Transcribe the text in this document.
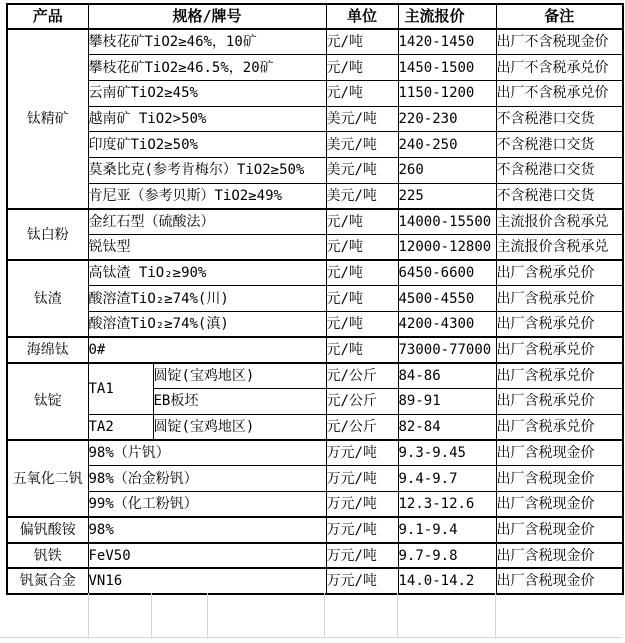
产品	规格/牌号		单位	主流报价	备注
钛精矿	攀枝花矿TiO2≥46%，10矿		元/吨	1420-1450	出厂不含税现金价
	攀枝花矿TiO2≥46.5%，20矿		元/吨	1450-1500	出厂不含税承兑价
	云南矿TiO2≥45%		元/吨	1150-1200	出厂不含税承兑价
	越南矿 TiO2>50%		美元/吨	220-230	不含税港口交货
	印度矿TiO2≥50%		美元/吨	240-250	不含税港口交货
	莫桑比克(参考肯梅尔）TiO2≥50%		美元/吨	260	不含税港口交货
	肯尼亚（参考贝斯）TiO2≥49%		美元/吨	225	不含税港口交货
钛白粉	金红石型（硫酸法）		元/吨	14000-15500	主流报价含税承兑
	锐钛型		元/吨	12000-12800	主流报价含税承兑
钛渣	高钛渣 TiO₂≥90%		元/吨	6450-6600	出厂含税承兑价
	酸溶渣TiO₂≥74%(川)		元/吨	4500-4550	出厂含税承兑价
	酸溶渣TiO₂≥74%(滇)		元/吨	4200-4300	出厂含税承兑价
海绵钛	0#		元/吨	73000-77000	出厂含税承兑价
钛锭	TA1	圆锭(宝鸡地区)	元/公斤	84-86	出厂含税承兑价
		EB板坯	元/公斤	89-91	出厂含税承兑价
	TA2	圆锭(宝鸡地区)	元/公斤	82-84	出厂含税承兑价
五氧化二钒	98%（片钒）		万元/吨	9.3-9.45	出厂含税现金价
	98%（冶金粉钒）		万元/吨	9.4-9.7	出厂含税现金价
	99%（化工粉钒）		万元/吨	12.3-12.6	出厂含税现金价
偏钒酸铵	98%		万元/吨	9.1-9.4	出厂含税现金价
钒铁	FeV50		万元/吨	9.7-9.8	出厂含税现金价
钒氮合金	VN16		万元/吨	14.0-14.2	出厂含税现金价
